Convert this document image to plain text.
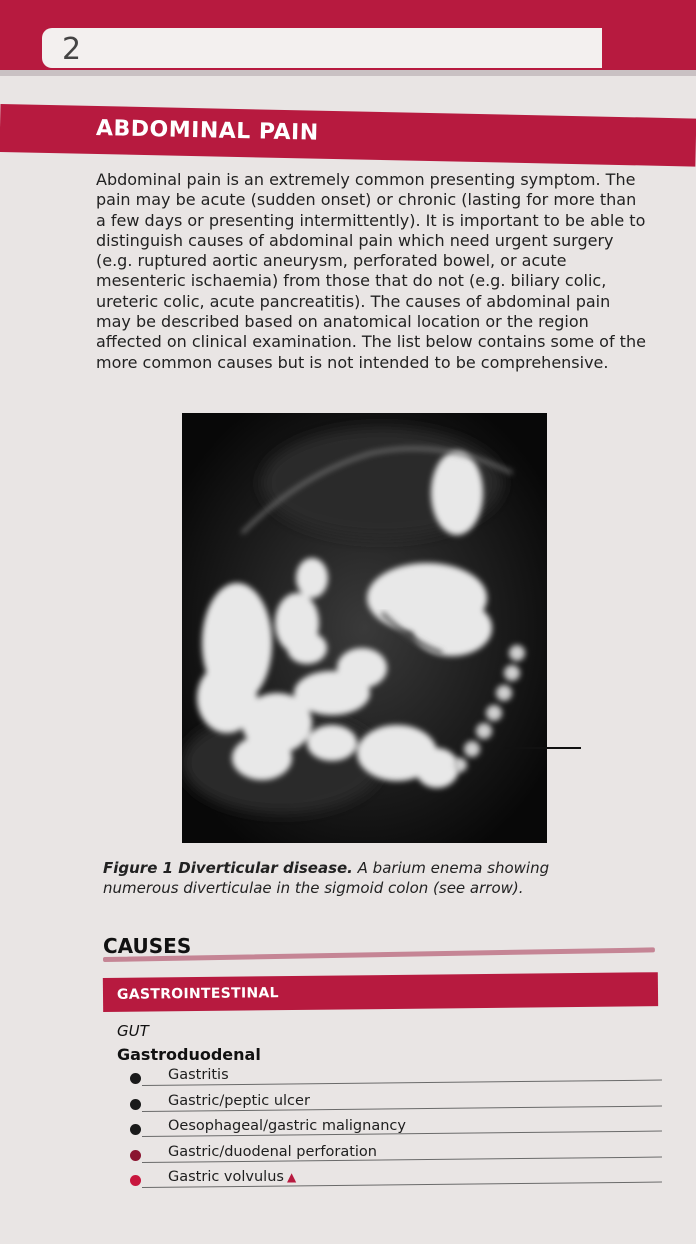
2
ABDOMINAL PAIN

Abdominal pain is an extremely common presenting symptom. The pain may be acute (sudden onset) or chronic (lasting for more than a few days or presenting intermittently). It is important to be able to distinguish causes of abdominal pain which need urgent surgery (e.g. ruptured aortic aneurysm, perforated bowel, or acute mesenteric ischaemia) from those that do not (e.g. biliary colic, ureteric colic, acute pancreatitis). The causes of abdominal pain may be described based on anatomical location or the region affected on clinical examination. The list below contains some of the more common causes but is not intended to be comprehensive.

Figure 1 Diverticular disease. A barium enema showing numerous diverticulae in the sigmoid colon (see arrow).
CAUSES
GASTROINTESTINAL
GUT
Gastroduodenal
Gastritis
Gastric/peptic ulcer
Oesophageal/gastric malignancy
Gastric/duodenal perforation
Gastric volvulus ▲
